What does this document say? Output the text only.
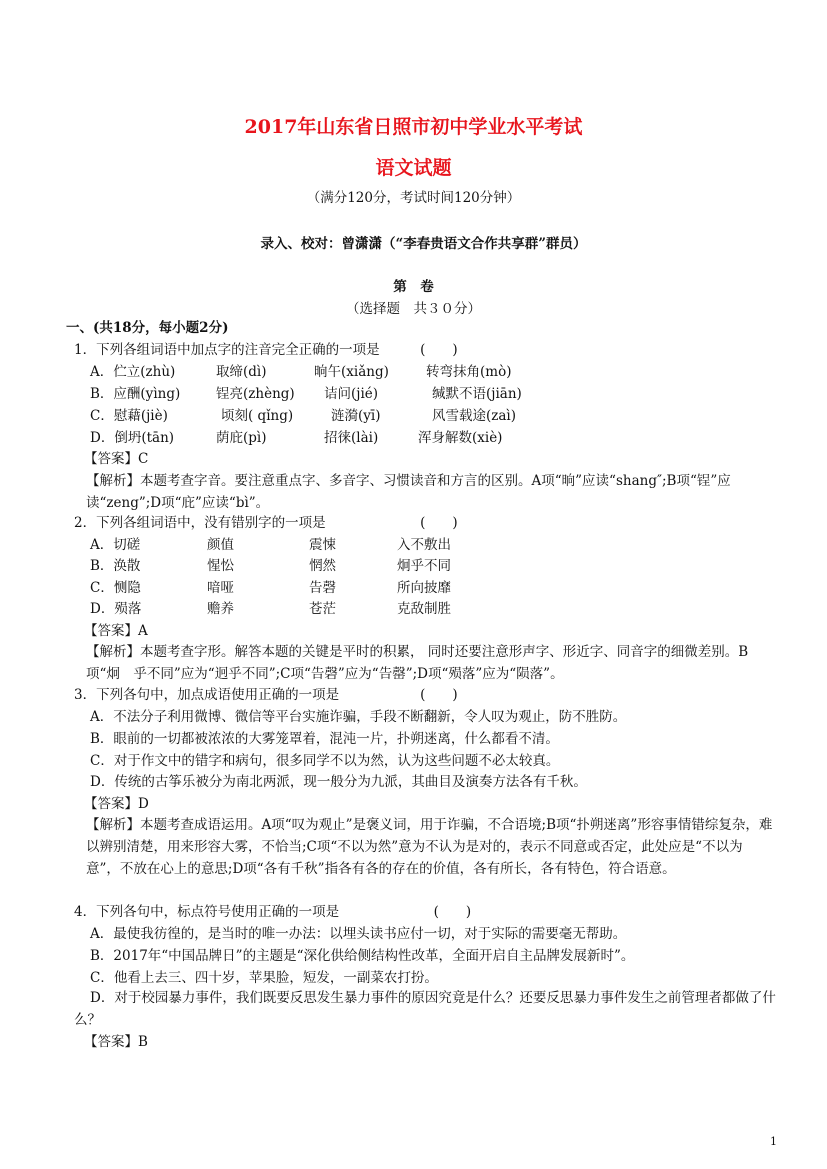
2017年山东省日照市初中学业水平考试
语文试题
（满分120分，考试时间120分钟）
录入、校对：曾潇潇（“李春贵语文合作共享群”群员）
第　卷
（选择题　共３０分）
一、(共18分，每小题2分)
1．下列各组词语中加点字的注音完全正确的一项是　　　(　　)
A．伫立(zhù)	取缔(dì)	晌午(xiǎng)	转弯抹角(mò)
B．应酬(yìng)	锃亮(zhèng) 诘问(jié)	缄默不语(jiān)
C．慰藉(jiè)	顷刻( qǐng)	涟漪(yī)	风雪载途(zaì)
D．倒坍(tān)	荫庇(pì)	招徕(lài)	浑身解数(xiè)
【答案】C
【解析】本题考查字音。要注意重点字、多音字、习惯读音和方言的区别。A项“晌”应读“shang″;B项“锃”应读“zeng”;D项“庇”应读“bì”。
2．下列各组词语中，没有错别字的一项是　　　　　　　(　　)
A．切磋	颜值	震悚	入不敷出
B．涣散	惺忪	惘然	炯乎不同
C．恻隐	喑哑	告磬	所向披靡
D．殒落	赡养	苍茫	克敌制胜
【答案】A
【解析】本题考查字形。解答本题的关键是平时的积累， 同时还要注意形声字、形近字、同音字的细微差别。B项“炯　乎不同”应为“迥乎不同”;C项“告磬”应为“告罄”;D项“殒落”应为“陨落”。
3．下列各句中，加点成语使用正确的一项是　　　　　　(　　)
A．不法分子利用微博、微信等平台实施诈骗，手段不断翻新，令人叹为观止，防不胜防。
B．眼前的一切都被浓浓的大雾笼罩着，混沌一片，扑朔迷离，什么都看不清。
C．对于作文中的错字和病句，很多同学不以为然，认为这些问题不必太较真。
D．传统的古筝乐被分为南北两派，现一般分为九派，其曲目及演奏方法各有千秋。
【答案】D
【解析】本题考查成语运用。A项“叹为观止”是褒义词，用于诈骗，不合语境;B项“扑朔迷离”形容事情错综复杂，难以辨别清楚，用来形容大雾，不恰当;C项“不以为然”意为不认为是对的，表示不同意或否定，此处应是“不以为意”，不放在心上的意思;D项“各有千秋”指各有各的存在的价值，各有所长，各有特色，符合语意。
4．下列各句中，标点符号使用正确的一项是　　　　　　　(　　)
A．最使我彷徨的，是当时的唯一办法：以埋头读书应付一切，对于实际的需要毫无帮助。
B．2017年“中国品牌日”的主题是“深化供给侧结构性改革，全面开启自主品牌发展新时”。
C．他看上去三、四十岁，苹果脸，短发，一副菜农打扮。
D．对于校园暴力事件，我们既要反思发生暴力事件的原因究竟是什么？还要反思暴力事件发生之前管理者都做了什么？
【答案】B
1
